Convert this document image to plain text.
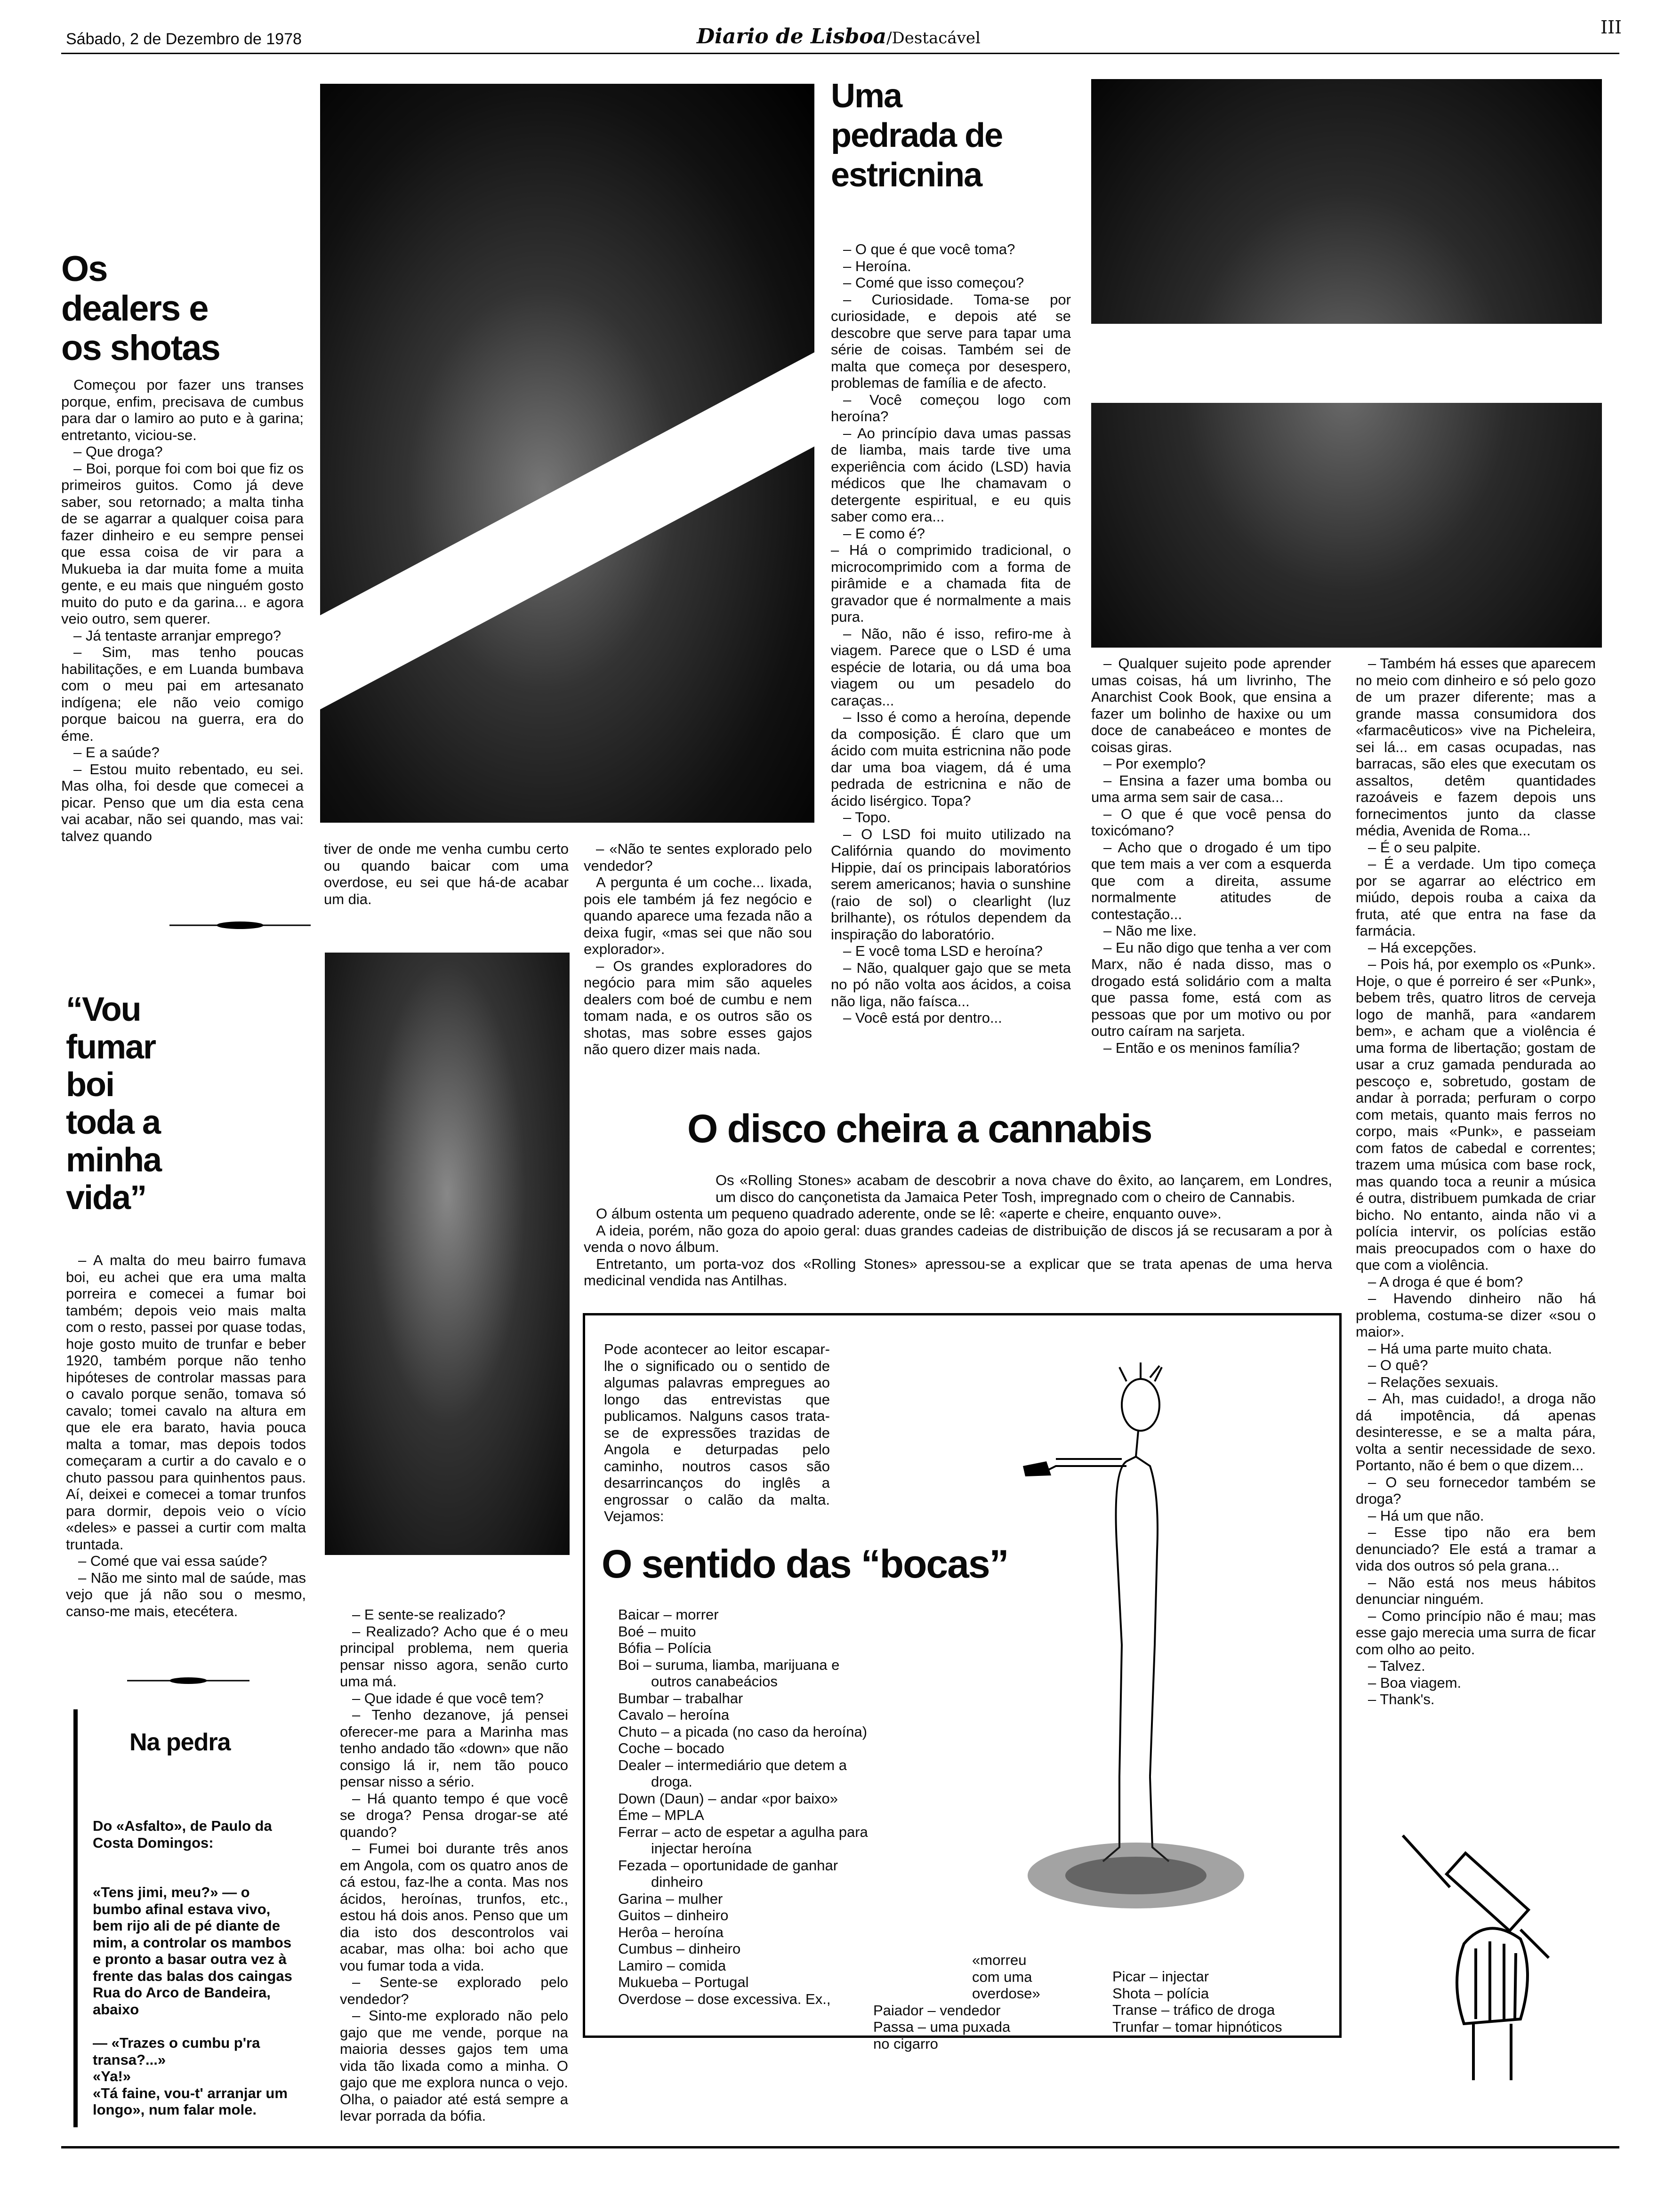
Sábado, 2 de Dezembro de 1978	Diario de Lisboa/Destacável
III
Os dealers e os shotas

Começou por fazer uns transes porque, enfim, precisava de cumbus para dar o lamiro ao puto e à garina; entretanto, viciou-se.

– Que droga?

– Boi, porque foi com boi que fiz os primeiros guitos. Como já deve saber, sou retornado; a malta tinha de se agarrar a qualquer coisa para fazer dinheiro e eu sempre pensei que essa coisa de vir para a Mukueba ia dar muita fome a muita gente, e eu mais que ninguém gosto muito do puto e da garina... e agora veio outro, sem querer.

– Já tentaste arranjar emprego?

– Sim, mas tenho poucas habilitações, e em Luanda bumbava com o meu pai em artesanato indígena; ele não veio comigo porque baicou na guerra, era do éme.

– E a saúde?

– Estou muito rebentado, eu sei. Mas olha, foi desde que comecei a picar. Penso que um dia esta cena vai acabar, não sei quando, mas vai: talvez quando

tiver de onde me venha cumbu certo ou quando baicar com uma overdose, eu sei que há-de acabar um dia.

– «Não te sentes explorado pelo vendedor?

A pergunta é um coche... lixada, pois ele também já fez negócio e quando aparece uma fezada não a deixa fugir, «mas sei que não sou explorador».

– Os grandes exploradores do negócio para mim são aqueles dealers com boé de cumbu e nem tomam nada, e os outros são os shotas, mas sobre esses gajos não quero dizer mais nada.

“Vou fumar boi toda a minha vida”

– A malta do meu bairro fumava boi, eu achei que era uma malta porreira e comecei a fumar boi também; depois veio mais malta com o resto, passei por quase todas, hoje gosto muito de trunfar e beber 1920, também porque não tenho hipóteses de controlar massas para o cavalo porque senão, tomava só cavalo; tomei cavalo na altura em que ele era barato, havia pouca malta a tomar, mas depois todos começaram a curtir a do cavalo e o chuto passou para quinhentos paus. Aí, deixei e comecei a tomar trunfos para dormir, depois veio o vício «deles» e passei a curtir com malta truntada.

– Comé que vai essa saúde?

– Não me sinto mal de saúde, mas vejo que já não sou o mesmo, canso-me mais, etecétera.	– E sente-se realizado?

– Realizado? Acho que é o meu principal problema, nem queria pensar nisso agora, senão curto uma má.

– Que idade é que você tem?

– Tenho dezanove, já pensei oferecer-me para a Marinha mas tenho andado tão «down» que não consigo lá ir, nem tão pouco pensar nisso a sério.

– Há quanto tempo é que você se droga? Pensa drogar-se até quando?

– Fumei boi durante três anos em Angola, com os quatro anos de cá estou, faz-lhe a conta. Mas nos ácidos, heroínas, trunfos, etc., estou há dois anos. Penso que um dia isto dos descontrolos vai acabar, mas olha: boi acho que vou fumar toda a vida.

– Sente-se explorado pelo vendedor?

– Sinto-me explorado não pelo gajo que me vende, porque na maioria desses gajos tem uma vida tão lixada como a minha. O gajo que me explora nunca o vejo. Olha, o paiador até está sempre a levar porrada da bófia.

Na pedra

Do «Asfalto», de Paulo da Costa Domingos:

«Tens jimi, meu?» — o bumbo afinal estava vivo, bem rijo ali de pé diante de mim, a controlar os mambos e pronto a basar outra vez à frente das balas dos caingas Rua do Arco de Bandeira, abaixo

— «Trazes o cumbu p'ra transa?...»

«Ya!»

«Tá faine, vou-t' arranjar um longo», num falar mole.

Uma pedrada de estricnina

– O que é que você toma?

– Heroína.

– Comé que isso começou?

– Curiosidade. Toma-se por curiosidade, e depois até se descobre que serve para tapar uma série de coisas. Também sei de malta que começa por desespero, problemas de família e de afecto.

– Você começou logo com heroína?

– Ao princípio dava umas passas de liamba, mais tarde tive uma experiência com ácido (LSD) havia médicos que lhe chamavam o detergente espiritual, e eu quis saber como era...

– E como é?

– Há o comprimido tradicional, o microcomprimido com a forma de pirâmide e a chamada fita de gravador que é normalmente a mais pura.

– Não, não é isso, refiro-me à viagem. Parece que o LSD é uma espécie de lotaria, ou dá uma boa viagem ou um pesadelo do caraças...

– Isso é como a heroína, depende da composição. É claro que um ácido com muita estricnina não pode dar uma boa viagem, dá é uma pedrada de estricnina e não de ácido lisérgico. Topa?

– Topo.

– O LSD foi muito utilizado na Califórnia quando do movimento Hippie, daí os principais laboratórios serem americanos; havia o sunshine (raio de sol) o clearlight (luz brilhante), os rótulos dependem da inspiração do laboratório.

– E você toma LSD e heroína?

– Não, qualquer gajo que se meta no pó não volta aos ácidos, a coisa não liga, não faísca...

– Você está por dentro...

– Qualquer sujeito pode aprender umas coisas, há um livrinho, The Anarchist Cook Book, que ensina a fazer um bolinho de haxixe ou um doce de canabeáceo e montes de coisas giras.

– Por exemplo?

– Ensina a fazer uma bomba ou uma arma sem sair de casa...

– O que é que você pensa do toxicómano?

– Acho que o drogado é um tipo que tem mais a ver com a esquerda que com a direita, assume normalmente atitudes de contestação...

– Não me lixe.

– Eu não digo que tenha a ver com Marx, não é nada disso, mas o drogado está solidário com a malta que passa fome, está com as pessoas que por um motivo ou por outro caíram na sarjeta.

– Então e os meninos família?

– Também há esses que aparecem no meio com dinheiro e só pelo gozo de um prazer diferente; mas a grande massa consumidora dos «farmacêuticos» vive na Picheleira, sei lá... em casas ocupadas, nas barracas, são eles que executam os assaltos, detêm quantidades razoáveis e fazem depois uns fornecimentos junto da classe média, Avenida de Roma...

– É o seu palpite.

– É a verdade. Um tipo começa por se agarrar ao eléctrico em miúdo, depois rouba a caixa da fruta, até que entra na fase da farmácia.

– Há excepções.

– Pois há, por exemplo os «Punk». Hoje, o que é porreiro é ser «Punk», bebem três, quatro litros de cerveja logo de manhã, para «andarem bem», e acham que a violência é uma forma de libertação; gostam de usar a cruz gamada pendurada ao pescoço e, sobretudo, gostam de andar à porrada; perfuram o corpo com metais, quanto mais ferros no corpo, mais «Punk», e passeiam com fatos de cabedal e correntes; trazem uma música com base rock, mas quando toca a reunir a música é outra, distribuem pumkada de criar bicho. No entanto, ainda não vi a polícia intervir, os polícias estão mais preocupados com o haxe do que com a violência.

– A droga é que é bom?

– Havendo dinheiro não há problema, costuma-se dizer «sou o maior».

– Há uma parte muito chata.

– O quê?

– Relações sexuais.

– Ah, mas cuidado!, a droga não dá impotência, dá apenas desinteresse, e se a malta pára, volta a sentir necessidade de sexo. Portanto, não é bem o que dizem...

– O seu fornecedor também se droga?

– Há um que não.

– Esse tipo não era bem denunciado? Ele está a tramar a vida dos outros só pela grana...

– Não está nos meus hábitos denunciar ninguém.

– Como princípio não é mau; mas esse gajo merecia uma surra de ficar com olho ao peito.

– Talvez.

– Boa viagem.

– Thank's.

O disco cheira a cannabis

Os «Rolling Stones» acabam de descobrir a nova chave do êxito, ao lançarem, em Londres, um disco do cançonetista da Jamaica Peter Tosh, impregnado com o cheiro de Cannabis.

O álbum ostenta um pequeno quadrado aderente, onde se lê: «aperte e cheire, enquanto ouve».

A ideia, porém, não goza do apoio geral: duas grandes cadeias de distribuição de discos já se recusaram a por à venda o novo álbum.

Entretanto, um porta-voz dos «Rolling Stones» apressou-se a explicar que se trata apenas de uma herva medicinal vendida nas Antilhas.

Pode acontecer ao leitor escapar-lhe o significado ou o sentido de algumas palavras empregues ao longo das entrevistas que publicamos. Nalguns casos trata-se de expressões trazidas de Angola e deturpadas pelo caminho, noutros casos são desarrincanços do inglês a engrossar o calão da malta. Vejamos:
O sentido das “bocas”

Baicar – morrer

Boé – muito

Bófia – Polícia

Boi – suruma, liamba, marijuana e outros canabeácios

Bumbar – trabalhar

Cavalo – heroína

Chuto – a picada (no caso da heroína)

Coche – bocado

Dealer – intermediário que detem a droga.

Down (Daun) – andar «por baixo»

Éme – MPLA

Ferrar – acto de espetar a agulha para injectar heroína

Fezada – oportunidade de ganhar dinheiro

Garina – mulher

Guitos – dinheiro

Herôa – heroína

Cumbus – dinheiro

Lamiro – comida

Mukueba – Portugal

Overdose – dose excessiva. Ex.,

«morreu com uma overdose»

Paiador – vendedor

Passa – uma puxada no cigarro

Picar – injectar

Shota – polícia

Transe – tráfico de droga

Trunfar – tomar hipnóticos
